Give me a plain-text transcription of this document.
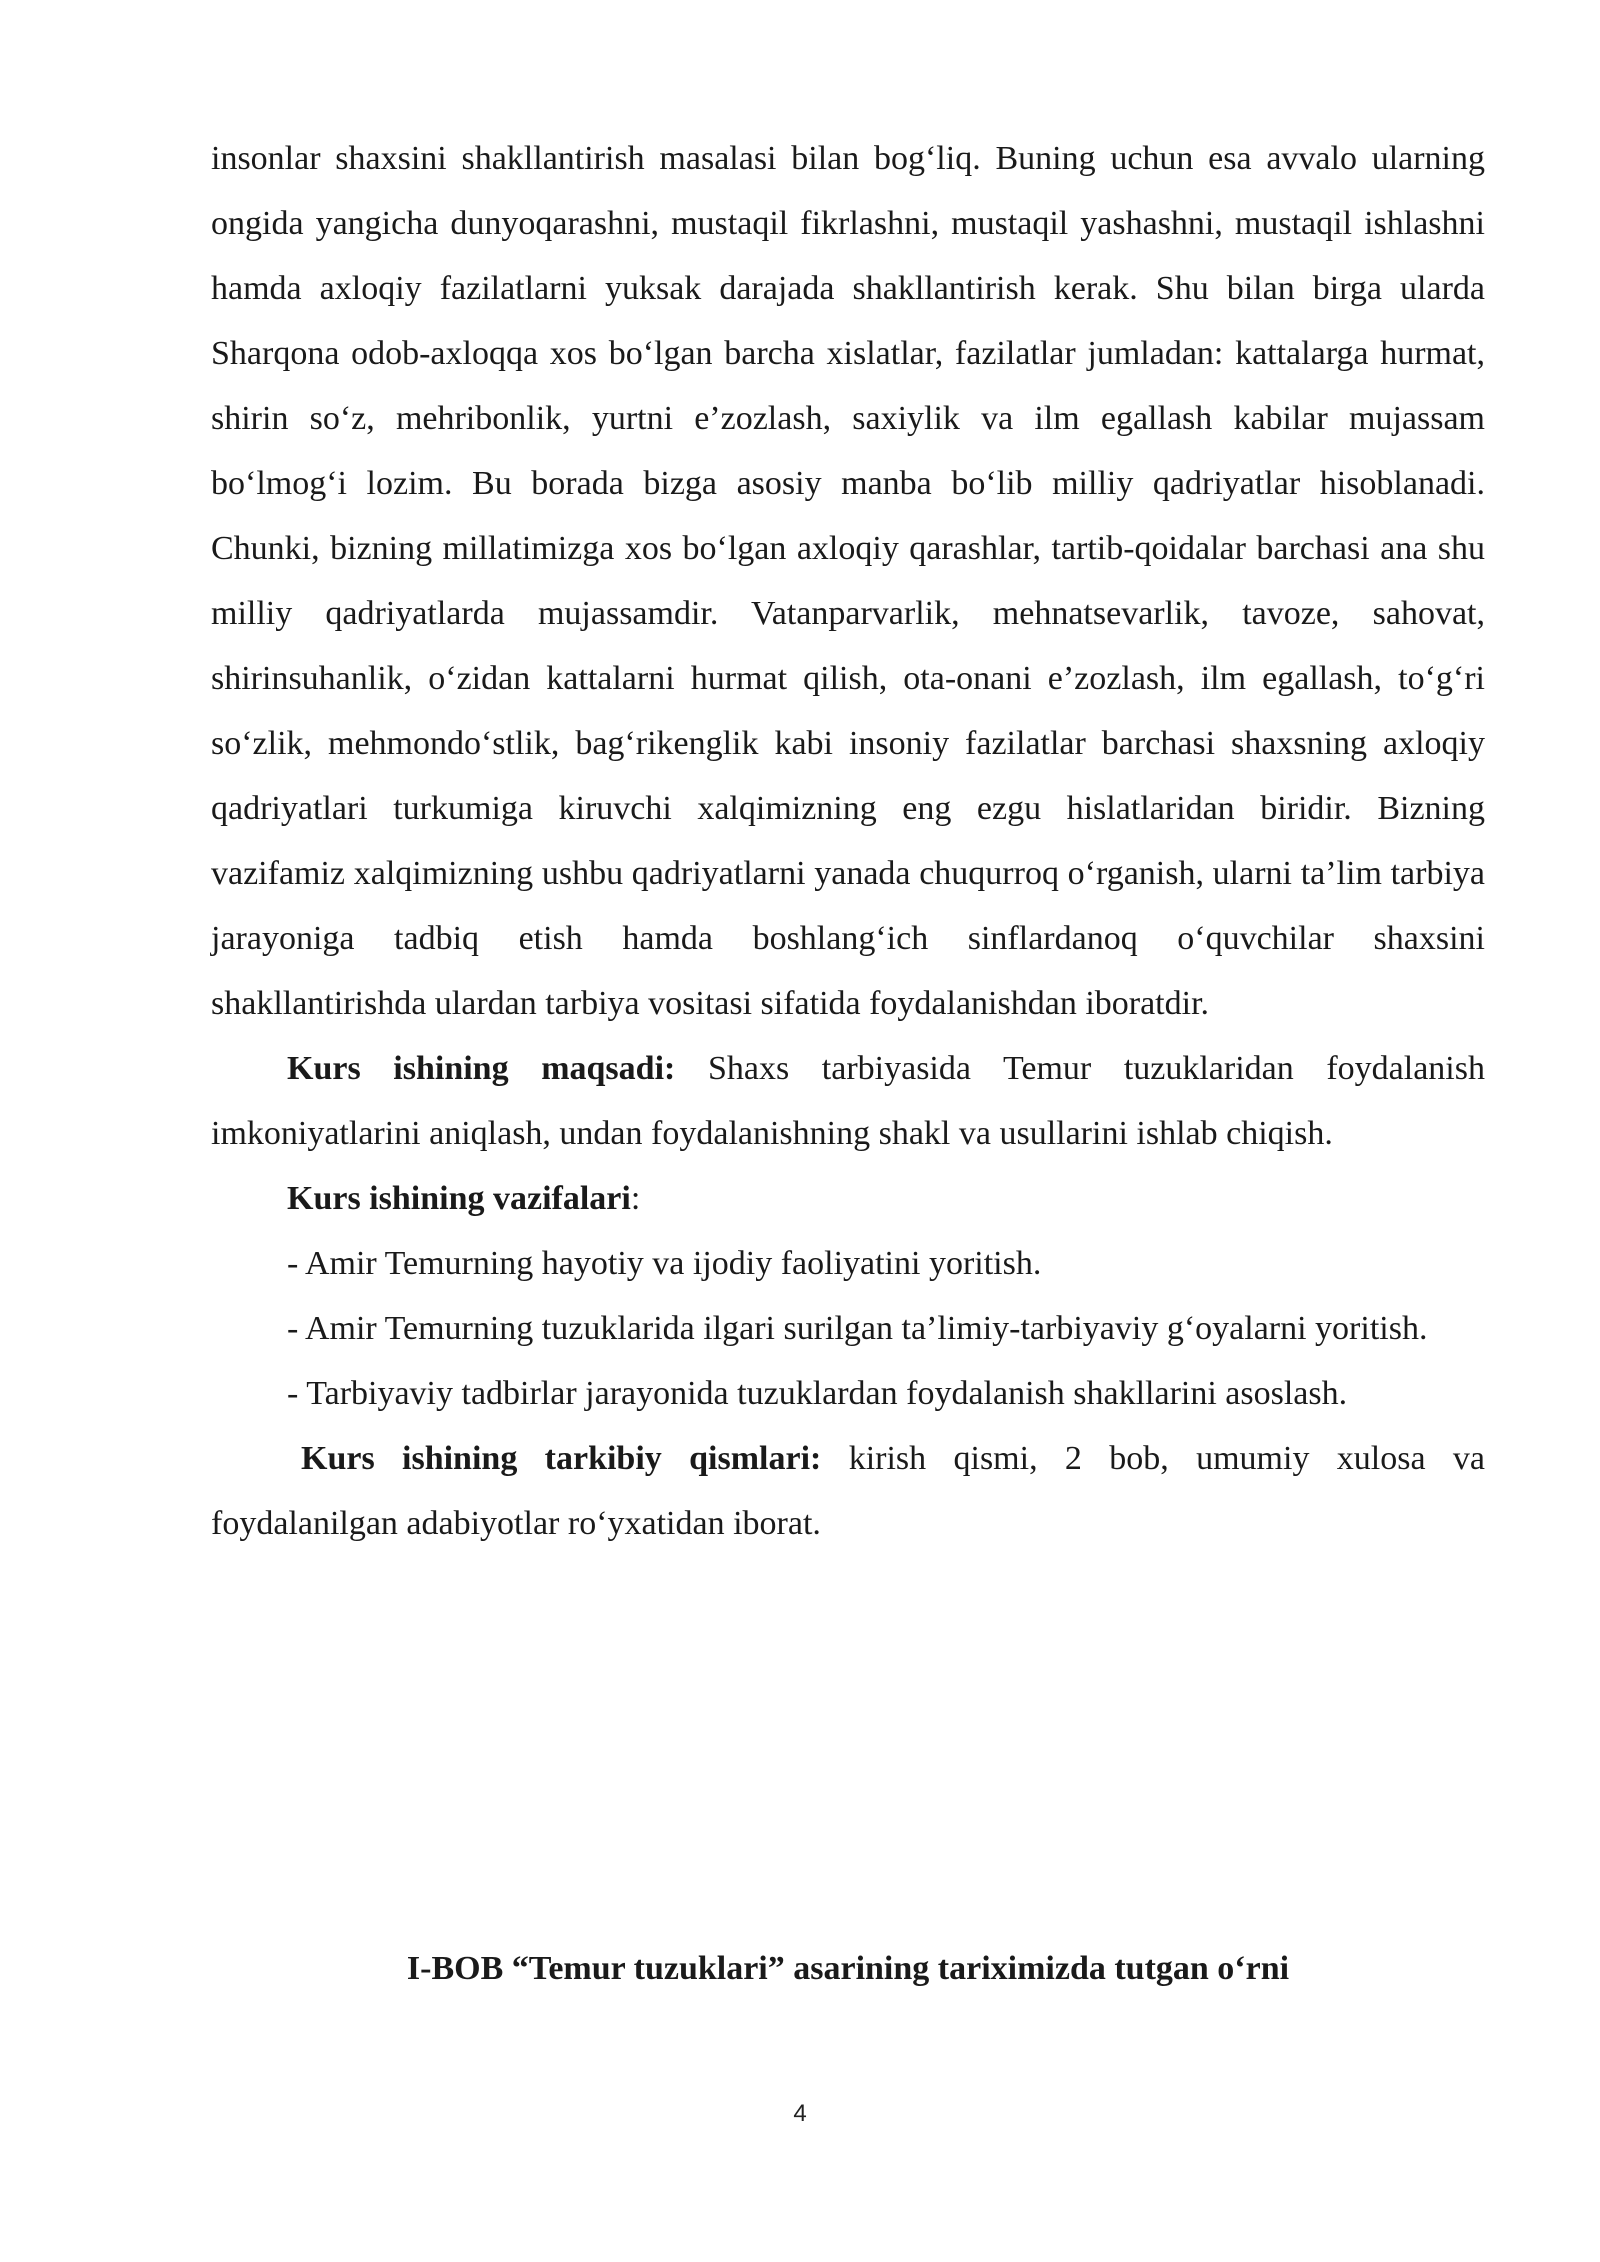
insonlar shaxsini shakllantirish masalasi bilan bog‘liq. Buning uchun esa avvalo ularning ongida yangicha dunyoqarashni, mustaqil fikrlashni, mustaqil yashashni, mustaqil ishlashni hamda axloqiy fazilatlarni yuksak darajada shakllantirish kerak. Shu bilan birga ularda Sharqona odob-axloqqa xos bo‘lgan barcha xislatlar, fazilatlar jumladan: kattalarga hurmat, shirin so‘z, mehribonlik, yurtni e’zozlash, saxiylik va ilm egallash kabilar mujassam bo‘lmog‘i lozim. Bu borada bizga asosiy manba bo‘lib milliy qadriyatlar hisoblanadi. Chunki, bizning millatimizga xos bo‘lgan axloqiy qarashlar, tartib-qoidalar barchasi ana shu milliy qadriyatlarda mujassamdir. Vatanparvarlik, mehnatsevarlik, tavoze, sahovat, shirinsuhanlik, o‘zidan kattalarni hurmat qilish, ota-onani e’zozlash, ilm egallash, to‘g‘ri so‘zlik, mehmondo‘stlik, bag‘rikenglik kabi insoniy fazilatlar barchasi shaxsning axloqiy qadriyatlari turkumiga kiruvchi xalqimizning eng ezgu hislatlaridan biridir. Bizning vazifamiz xalqimizning ushbu qadriyatlarni yanada chuqurroq o‘rganish, ularni ta’lim tarbiya jarayoniga tadbiq etish hamda boshlang‘ich sinflardanoq o‘quvchilar shaxsini shakllantirishda ulardan tarbiya vositasi sifatida foydalanishdan iboratdir.

Kurs ishining maqsadi: Shaxs tarbiyasida Temur tuzuklaridan foydalanish imkoniyatlarini aniqlash, undan foydalanishning shakl va usullarini ishlab chiqish.

Kurs ishining vazifalari:

- Amir Temurning hayotiy va ijodiy faoliyatini yoritish.

- Amir Temurning tuzuklarida ilgari surilgan ta’limiy-tarbiyaviy g‘oyalarni yoritish.

- Tarbiyaviy tadbirlar jarayonida tuzuklardan foydalanish shakllarini asoslash.

Kurs ishining tarkibiy qismlari: kirish qismi, 2 bob, umumiy xulosa va foydalanilgan adabiyotlar ro‘yxatidan iborat.

I-BOB “Temur tuzuklari” asarining tariximizda tutgan o‘rni
4
